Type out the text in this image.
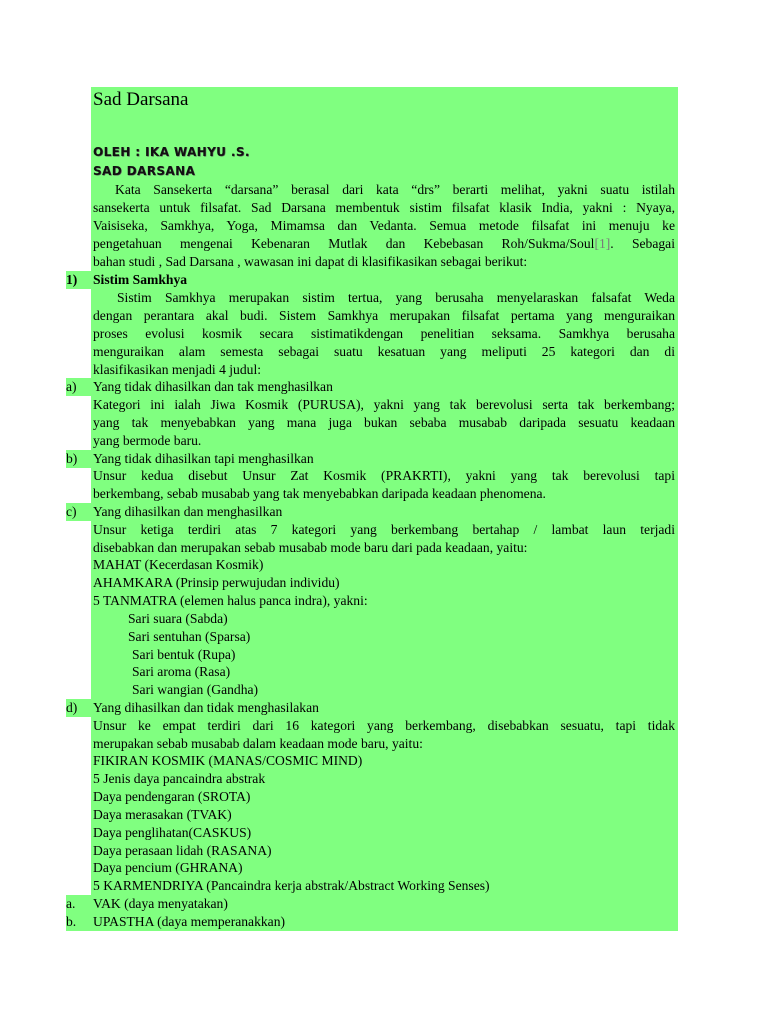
Sad Darsana
OLEH : IKA WAHYU .S.
SAD DARSANA
Kata Sansekerta “darsana” berasal dari kata “drs” berarti melihat, yakni suatu istilah
sansekerta untuk filsafat. Sad Darsana membentuk sistim filsafat klasik India, yakni : Nyaya,
Vaisiseka, Samkhya, Yoga, Mimamsa dan Vedanta. Semua metode filsafat ini menuju ke
pengetahuan mengenai Kebenaran Mutlak dan Kebebasan Roh/Sukma/Soul[1]. Sebagai
bahan studi , Sad Darsana , wawasan ini dapat di klasifikasikan sebagai berikut:
1) Sistim Samkhya
Sistim Samkhya merupakan sistim tertua, yang berusaha menyelaraskan falsafat Weda
dengan perantara akal budi. Sistem Samkhya merupakan filsafat pertama yang menguraikan
proses evolusi kosmik secara sistimatikdengan penelitian seksama. Samkhya berusaha
menguraikan alam semesta sebagai suatu kesatuan yang meliputi 25 kategori dan di
klasifikasikan menjadi 4 judul:
a) Yang tidak dihasilkan dan tak menghasilkan
Kategori ini ialah Jiwa Kosmik (PURUSA), yakni yang tak berevolusi serta tak berkembang;
yang tak menyebabkan yang mana juga bukan sebaba musabab daripada sesuatu keadaan
yang bermode baru.
b) Yang tidak dihasilkan tapi menghasilkan
Unsur kedua disebut Unsur Zat Kosmik (PRAKRTI), yakni yang tak berevolusi tapi
berkembang, sebab musabab yang tak menyebabkan daripada keadaan phenomena.
c) Yang dihasilkan dan menghasilkan
Unsur ketiga terdiri atas 7 kategori yang berkembang bertahap / lambat laun terjadi
disebabkan dan merupakan sebab musabab mode baru dari pada keadaan, yaitu:
MAHAT (Kecerdasan Kosmik)
AHAMKARA (Prinsip perwujudan individu)
5 TANMATRA (elemen halus panca indra), yakni:
Sari suara (Sabda)
Sari sentuhan (Sparsa)
Sari bentuk (Rupa)
Sari aroma (Rasa)
Sari wangian (Gandha)
d) Yang dihasilkan dan tidak menghasilakan
Unsur ke empat terdiri dari 16 kategori yang berkembang, disebabkan sesuatu, tapi tidak
merupakan sebab musabab dalam keadaan mode baru, yaitu:
FIKIRAN KOSMIK (MANAS/COSMIC MIND)
5 Jenis daya pancaindra abstrak
Daya pendengaran (SROTA)
Daya merasakan (TVAK)
Daya penglihatan(CASKUS)
Daya perasaan lidah (RASANA)
Daya pencium (GHRANA)
5 KARMENDRIYA (Pancaindra kerja abstrak/Abstract Working Senses)
a. VAK (daya menyatakan)
b. UPASTHA (daya memperanakkan)
